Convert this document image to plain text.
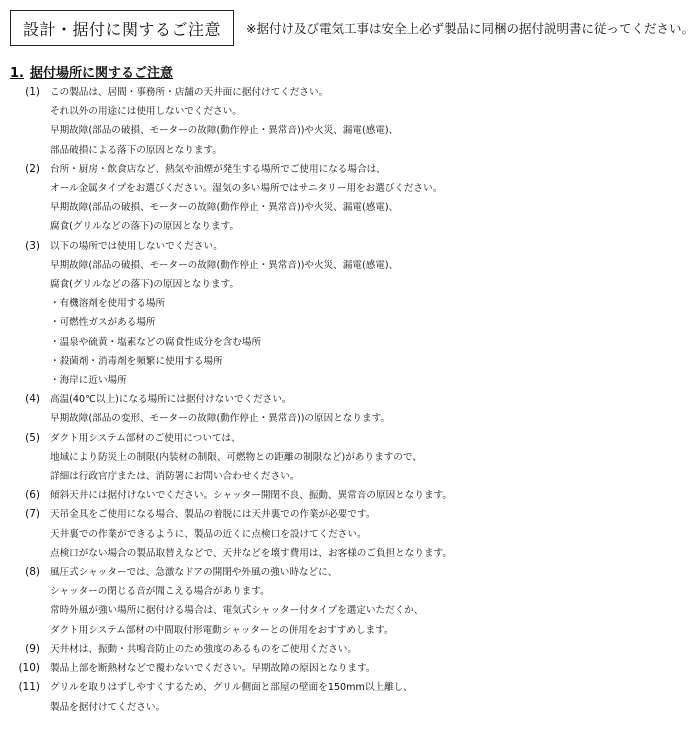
設計・据付に関するご注意	※据付け及び電気工事は安全上必ず製品に同梱の据付説明書に従ってください。
1. 据付場所に関するご注意
(1) この製品は、居間・事務所・店舗の天井面に据付けてください。
それ以外の用途には使用しないでください。
早期故障(部品の破損、モーターの故障(動作停止・異常音))や火災、漏電(感電)、
部品破損による落下の原因となります。
(2) 台所・厨房・飲食店など、熱気や油煙が発生する場所でご使用になる場合は、
オール金属タイプをお選びください。湿気の多い場所ではサニタリー用をお選びください。
早期故障(部品の破損、モーターの故障(動作停止・異常音))や火災、漏電(感電)、
腐食(グリルなどの落下)の原因となります。
(3) 以下の場所では使用しないでください。
早期故障(部品の破損、モーターの故障(動作停止・異常音))や火災、漏電(感電)、
腐食(グリルなどの落下)の原因となります。
・有機溶剤を使用する場所
・可燃性ガスがある場所
・温泉や硫黄・塩素などの腐食性成分を含む場所
・殺菌剤・消毒剤を頻繁に使用する場所
・海岸に近い場所
(4) 高温(40℃以上)になる場所には据付けないでください。
早期故障(部品の変形、モーターの故障(動作停止・異常音))の原因となります。
(5) ダクト用システム部材のご使用については、
地域により防災上の制限(内装材の制限、可燃物との距離の制限など)がありますので、
詳細は行政官庁または、消防署にお問い合わせください。
(6) 傾斜天井には据付けないでください。シャッター開閉不良、振動、異常音の原因となります。
(7) 天吊金具をご使用になる場合、製品の着脱には天井裏での作業が必要です。
天井裏での作業ができるように、製品の近くに点検口を設けてください。
点検口がない場合の製品取替えなどで、天井などを壊す費用は、お客様のご負担となります。
(8) 風圧式シャッターでは、急激なドアの開閉や外風の強い時などに、
シャッターの閉じる音が聞こえる場合があります。
常時外風が強い場所に据付ける場合は、電気式シャッター付タイプを選定いただくか、
ダクト用システム部材の中間取付形電動シャッターとの併用をおすすめします。
(9) 天井材は、振動・共鳴音防止のため強度のあるものをご使用ください。
(10) 製品上部を断熱材などで覆わないでください。早期故障の原因となります。
(11) グリルを取りはずしやすくするため、グリル側面と部屋の壁面を150mm以上離し、
製品を据付けてください。
